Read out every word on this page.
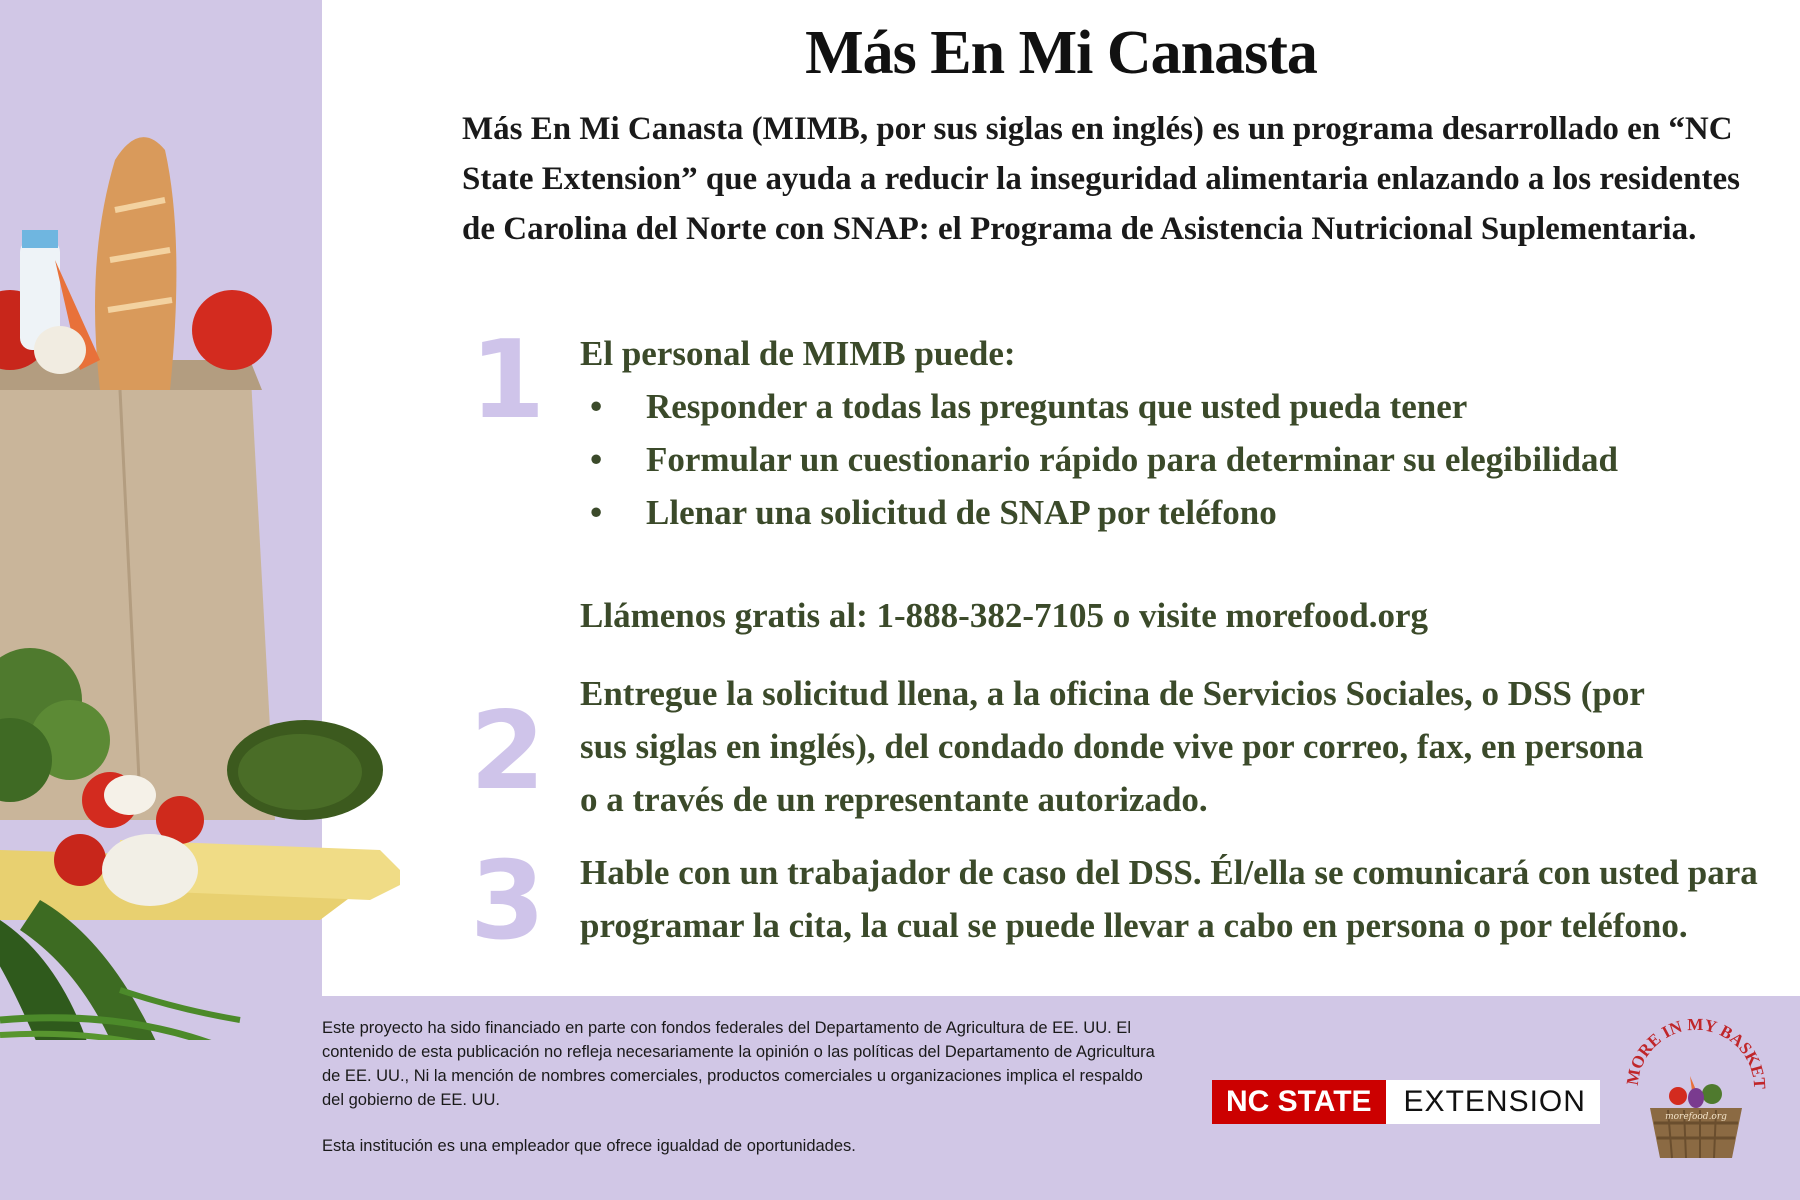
Más En Mi Canasta
Más En Mi Canasta (MIMB, por sus siglas en inglés) es un programa desarrollado en “NC State Extension” que ayuda a reducir la inseguridad alimentaria enlazando a los residentes de Carolina del Norte con SNAP: el Programa de Asistencia Nutricional Suplementaria.
1 El personal de MIMB puede:
• Responder a todas las preguntas que usted pueda tener
• Formular un cuestionario rápido para determinar su elegibilidad
• Llenar una solicitud de SNAP por teléfono
Llámenos gratis al: 1-888-382-7105 o visite morefood.org
2 Entregue la solicitud llena, a la oficina de Servicios Sociales, o DSS (por sus siglas en inglés), del condado donde vive por correo, fax, en persona o a través de un representante autorizado.
3 Hable con un trabajador de caso del DSS. Él/ella se comunicará con usted para programar la cita, la cual se puede llevar a cabo en persona o por teléfono.

Este proyecto ha sido financiado en parte con fondos federales del Departamento de Agricultura de EE. UU. El contenido de esta publicación no refleja necesariamente la opinión o las políticas del Departamento de Agricultura de EE. UU., Ni la mención de nombres comerciales, productos comerciales u organizaciones implica el respaldo del gobierno de EE. UU.

Esta institución es una empleador que ofrece igualdad de oportunidades.

NC STATE	EXTENSION
MORE IN MY BASKET
morefood.org
